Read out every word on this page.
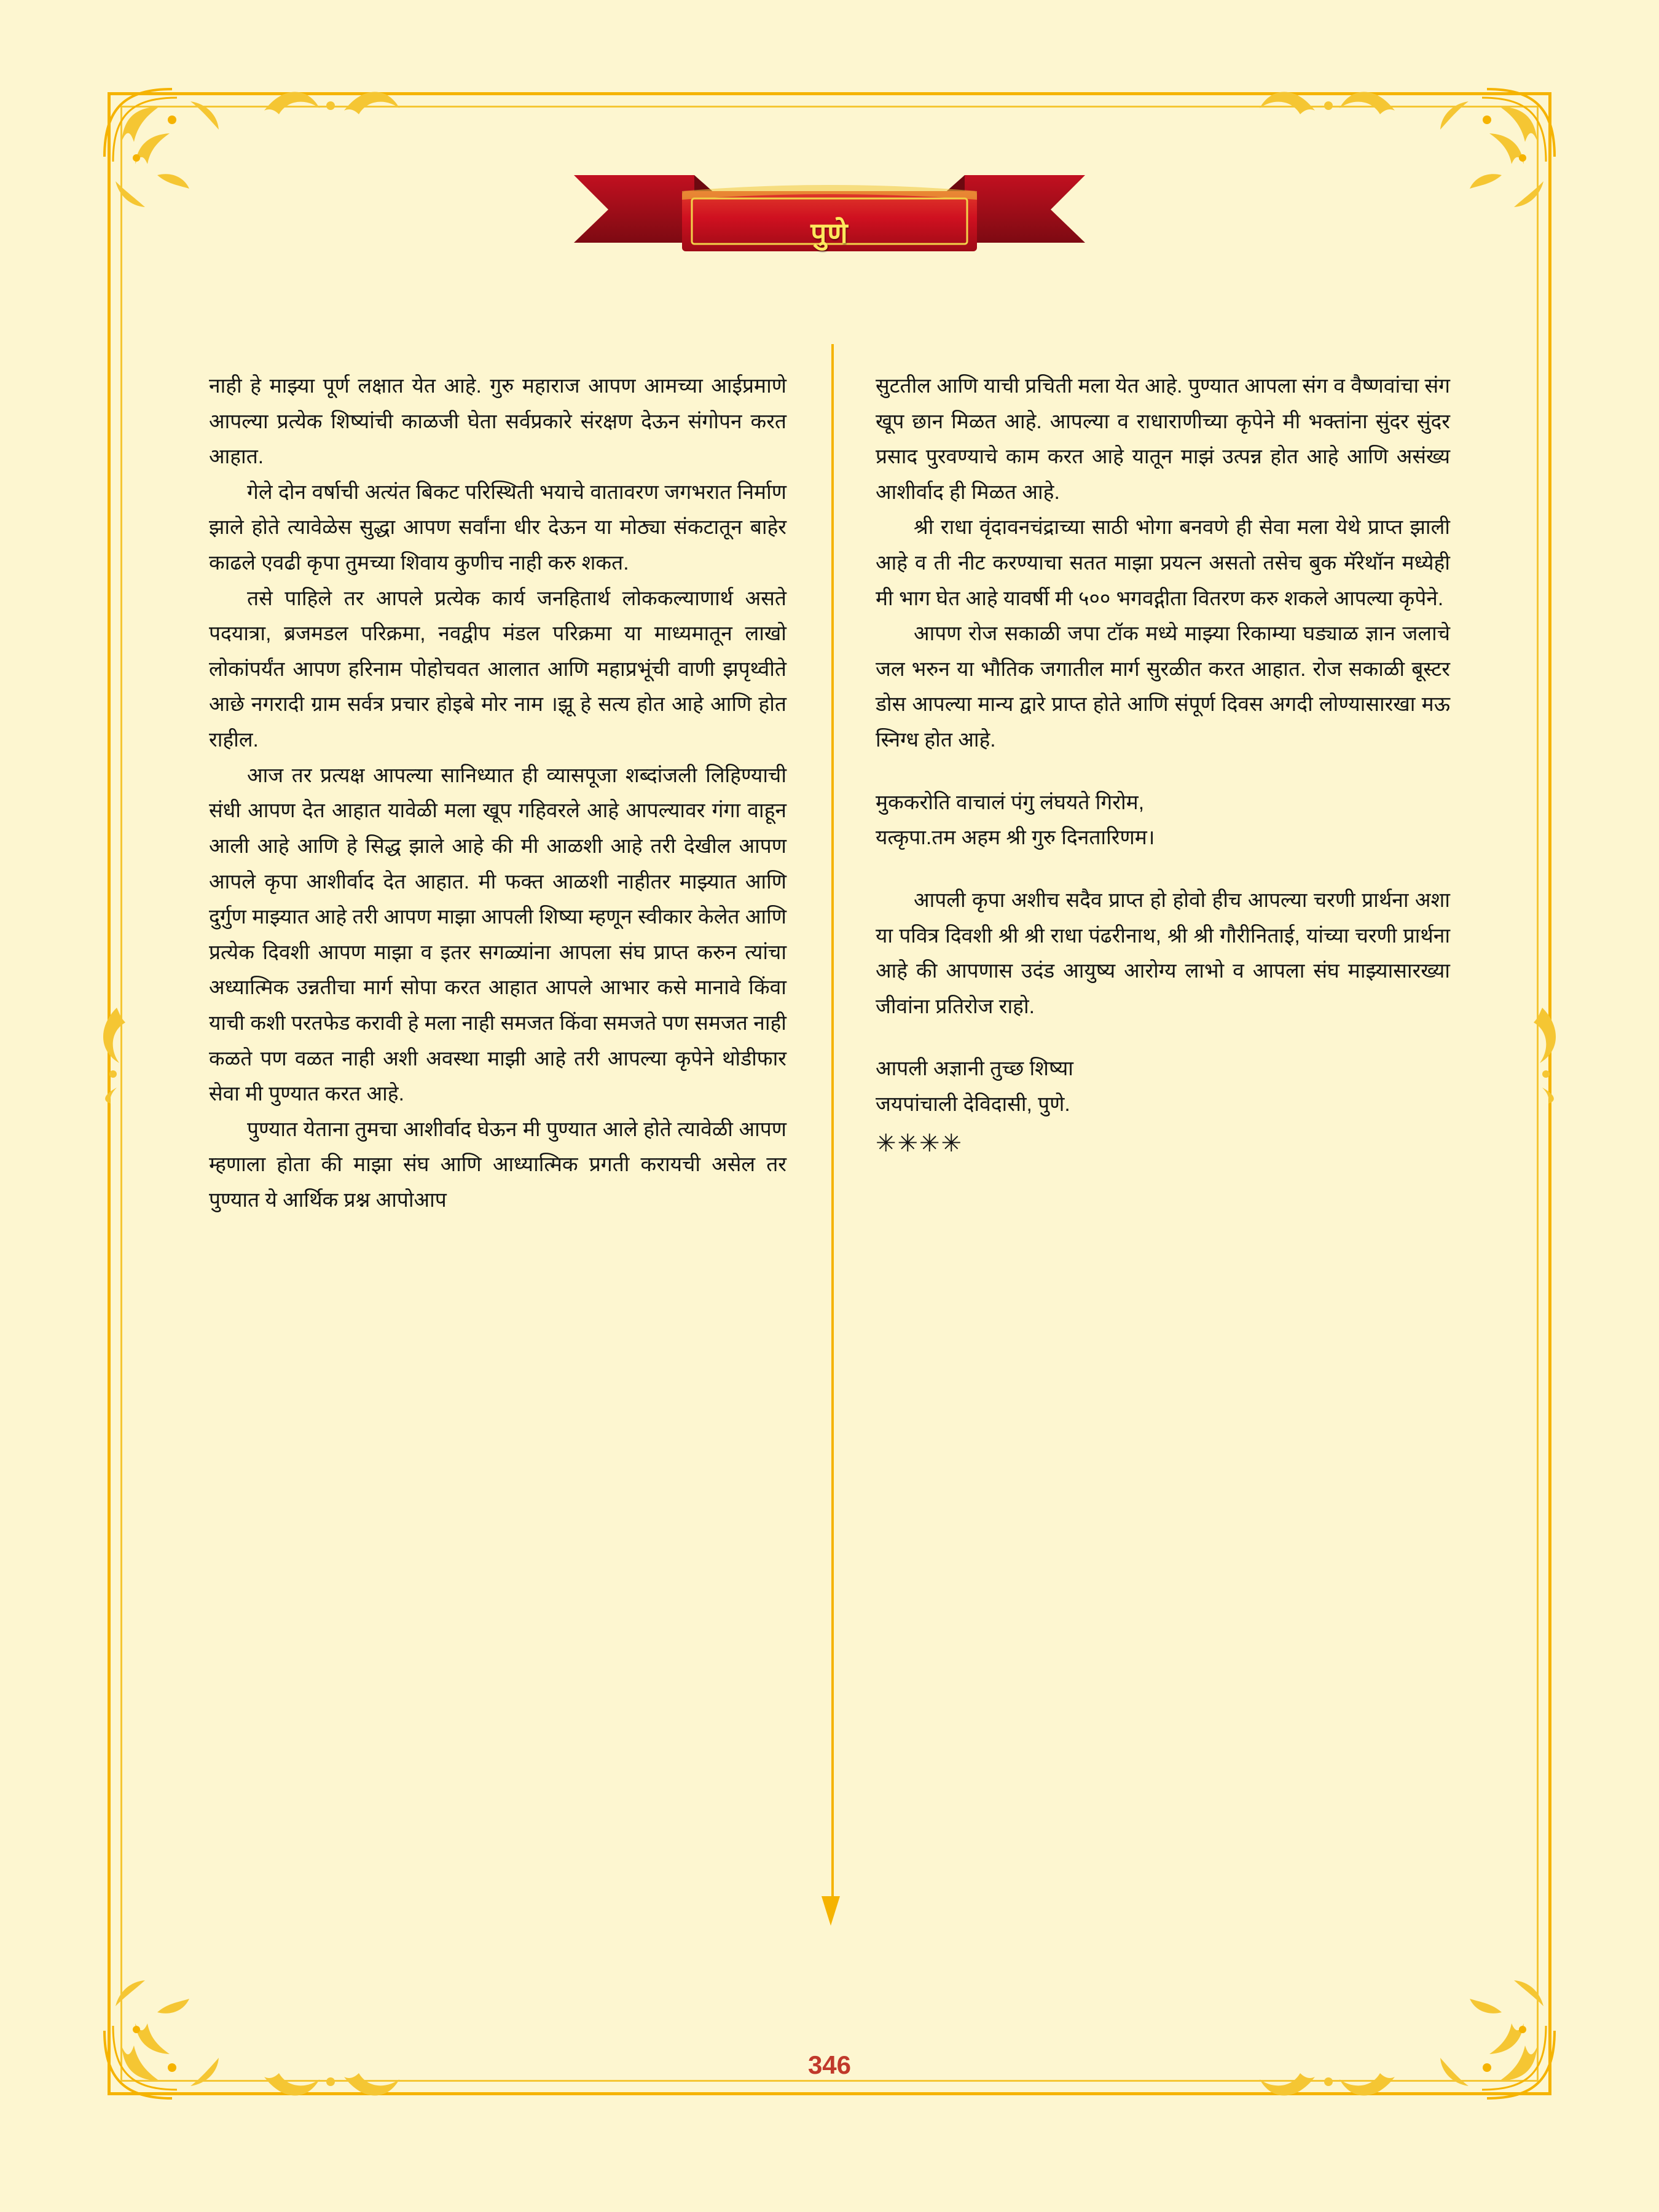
पुणे

नाही हे माझ्या पूर्ण लक्षात येत आहे. गुरु महाराज आपण आमच्या आईप्रमाणे आपल्या प्रत्येक शिष्यांची काळजी घेता सर्वप्रकारे संरक्षण देऊन संगोपन करत आहात.

गेले दोन वर्षाची अत्यंत बिकट परिस्थिती भयाचे वातावरण जगभरात निर्माण झाले होते त्यावेळेस सुद्धा आपण सर्वांना धीर देऊन या मोठ्या संकटातून बाहेर काढले एवढी कृपा तुमच्या शिवाय कुणीच नाही करु शकत.

तसे पाहिले तर आपले प्रत्येक कार्य जनहितार्थ लोककल्याणार्थ असते पदयात्रा, ब्रजमडल परिक्रमा, नवद्वीप मंडल परिक्रमा या माध्यमातून लाखो लोकांपर्यंत आपण हरिनाम पोहोचवत आलात आणि महाप्रभूंची वाणी झपृथ्वीते आछे नगरादी ग्राम सर्वत्र प्रचार होइबे मोर नाम ।झू हे सत्य होत आहे आणि होत राहील.

आज तर प्रत्यक्ष आपल्या सानिध्यात ही व्यासपूजा शब्दांजली लिहिण्याची संधी आपण देत आहात यावेळी मला खूप गहिवरले आहे आपल्यावर गंगा वाहून आली आहे आणि हे सिद्ध झाले आहे की मी आळशी आहे तरी देखील आपण आपले कृपा आशीर्वाद देत आहात. मी फक्त आळशी नाहीतर माझ्यात आणि दुर्गुण माझ्यात आहे तरी आपण माझा आपली शिष्या म्हणून स्वीकार केलेत आणि प्रत्येक दिवशी आपण माझा व इतर सगळ्यांना आपला संघ प्राप्त करुन त्यांचा अध्यात्मिक उन्नतीचा मार्ग सोपा करत आहात आपले आभार कसे मानावे किंवा याची कशी परतफेड करावी हे मला नाही समजत किंवा समजते पण समजत नाही कळते पण वळत नाही अशी अवस्था माझी आहे तरी आपल्या कृपेने थोडीफार सेवा मी पुण्यात करत आहे.

पुण्यात येताना तुमचा आशीर्वाद घेऊन मी पुण्यात आले होते त्यावेळी आपण म्हणाला होता की माझा संघ आणि आध्यात्मिक प्रगती करायची असेल तर पुण्यात ये आर्थिक प्रश्न आपोआप

सुटतील आणि याची प्रचिती मला येत आहे. पुण्यात आपला संग व वैष्णवांचा संग खूप छान मिळत आहे. आपल्या व राधाराणीच्या कृपेने मी भक्तांना सुंदर सुंदर प्रसाद पुरवण्याचे काम करत आहे यातून माझं उत्पन्न होत आहे आणि असंख्य आशीर्वाद ही मिळत आहे.

श्री राधा वृंदावनचंद्राच्या साठी भोगा बनवणे ही सेवा मला येथे प्राप्त झाली आहे व ती नीट करण्याचा सतत माझा प्रयत्न असतो तसेच बुक मॅरेथॉन मध्येही मी भाग घेत आहे यावर्षी मी ५०० भगवद्गीता वितरण करु शकले आपल्या कृपेने.

आपण रोज सकाळी जपा टॉक मध्ये माझ्या रिकाम्या घड्याळ ज्ञान जलाचे जल भरुन या भौतिक जगातील मार्ग सुरळीत करत आहात. रोज सकाळी बूस्टर डोस आपल्या मान्य द्वारे प्राप्त होते आणि संपूर्ण दिवस अगदी लोण्यासारखा मऊ स्निग्ध होत आहे.

मुककरोति वाचालं पंगु लंघयते गिरोम,

यत्कृपा.तम अहम श्री गुरु दिनतारिणम।

आपली कृपा अशीच सदैव प्राप्त हो होवो हीच आपल्या चरणी प्रार्थना अशा या पवित्र दिवशी श्री श्री राधा पंढरीनाथ, श्री श्री गौरीनिताई, यांच्या चरणी प्रार्थना आहे की आपणास उदंड आयुष्य आरोग्य लाभो व आपला संघ माझ्यासारख्या जीवांना प्रतिरोज राहो.

आपली अज्ञानी तुच्छ शिष्या

जयपांचाली देविदासी, पुणे.

✳✳✳✳

346
